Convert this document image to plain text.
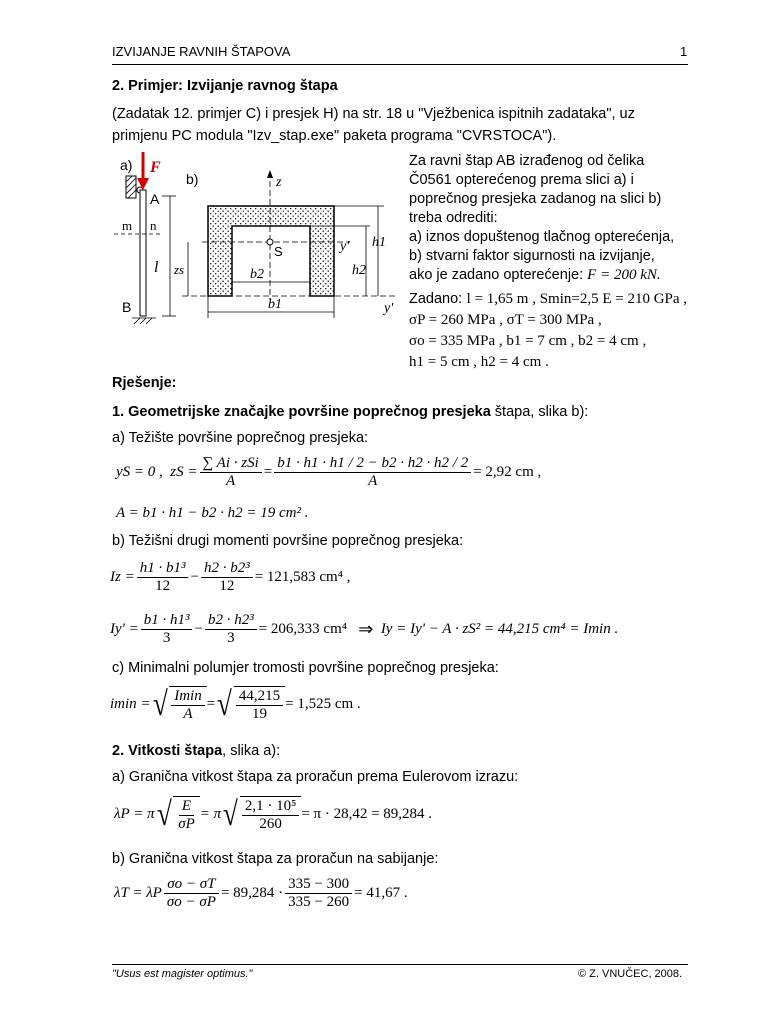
IZVIJANJE RAVNIH ŠTAPOVA	1
2. Primjer: Izvijanje ravnog štapa
(Zadatak 12. primjer C) i presjek H) na str. 18 u "Vježbenica ispitnih zadataka", uz
primjenu PC modula "Izv_stap.exe" paketa programa "CVRSTOCA").
a) F
A
B
m n
l
b)	z
y'
y'
S
zs	b2
b1
h1
h2
Za ravni štap AB izrađenog od čelika
Č0561 opterećenog prema slici a) i
poprečnog presjeka zadanog na slici b)
treba odrediti:
a) iznos dopuštenog tlačnog opterećenja,
b) stvarni faktor sigurnosti na izvijanje,
ako je zadano opterećenje: F = 200 kN.
Zadano: l = 1,65 m , Smin=2,5 E = 210 GPa ,
σP = 260 MPa , σT = 300 MPa ,
σo = 335 MPa , b1 = 7 cm , b2 = 4 cm ,
h1 = 5 cm , h2 = 4 cm .
Rješenje:
1. Geometrijske značajke površine poprečnog presjeka štapa, slika b):
a) Težište površine poprečnog presjeka:
yS = 0 ,
zS = $\frac{\text{∑ Ai · zSi}}{A} = \frac{b1 \cdot h1 \cdot h1 / 2 - b2 \cdot h2 \cdot h2 / 2}{A} = 2,92$ cm ,
A = b1 · h1 − b2 · h2 = 19 cm² .
b) Težišni drugi momenti površine poprečnog presjeka:
$Iz = \frac{\text{h1 · b1³}}{12} - \frac{\text{h2 · b2³}}{12} = 121,583$ cm⁴ ,
$Iy' = \frac{\text{b1 · h1³}}{3} - \frac{\text{b2 · h2³}}{3} = 206,333$ cm⁴
⇒
Iy = Iy' − A · zS² = 44,215 cm⁴ = Imin .
c) Minimalni polumjer tromosti površine poprečnog presjeka:
imin = √ $\frac{Imin}{A}$ = √ $\frac{44,215}{19} = 1,525$ cm .
2. Vitkosti štapa, slika a):
a) Granična vitkost štapa za proračun prema Eulerovom izrazu:
λP = π √ $\frac{E}{\sigma P} = \pi$ √ $\frac{\text{2,1 · 10⁵}}{260} = \pi \cdot 28,42 = 89,284$ .
b) Granična vitkost štapa za proračun na sabijanje:
λT = λP $\frac{\sigma o - \sigma T}{\sigma o - \sigma P} = 89,284 \cdot \frac{335 - 300}{335 - 260} = 41,67$ .
"Usus est magister optimus."	© Z. VNUČEC, 2008.
